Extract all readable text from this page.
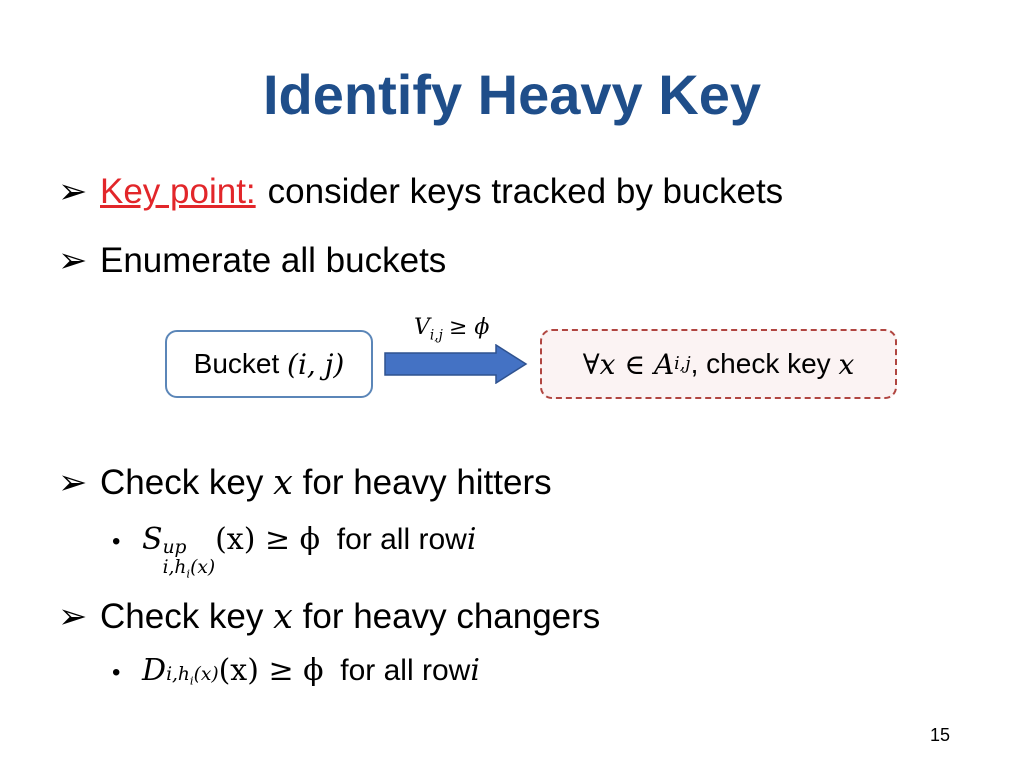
Identify Heavy Key
➢ Key point: consider keys tracked by buckets
➢ Enumerate all buckets
Bucket
(i, j)
$V_{i,j} \ge \phi$
∀x ∈ A i,j , check key
x
➢ Check key
x
for heavy hitters
• S up
$i,h_i(x)$
(x) ≥ ϕ
for all row i
➢ Check key
x
for heavy changers
• D $_{i,h_i(x)}$ (x) ≥ ϕ
for all row i
15
